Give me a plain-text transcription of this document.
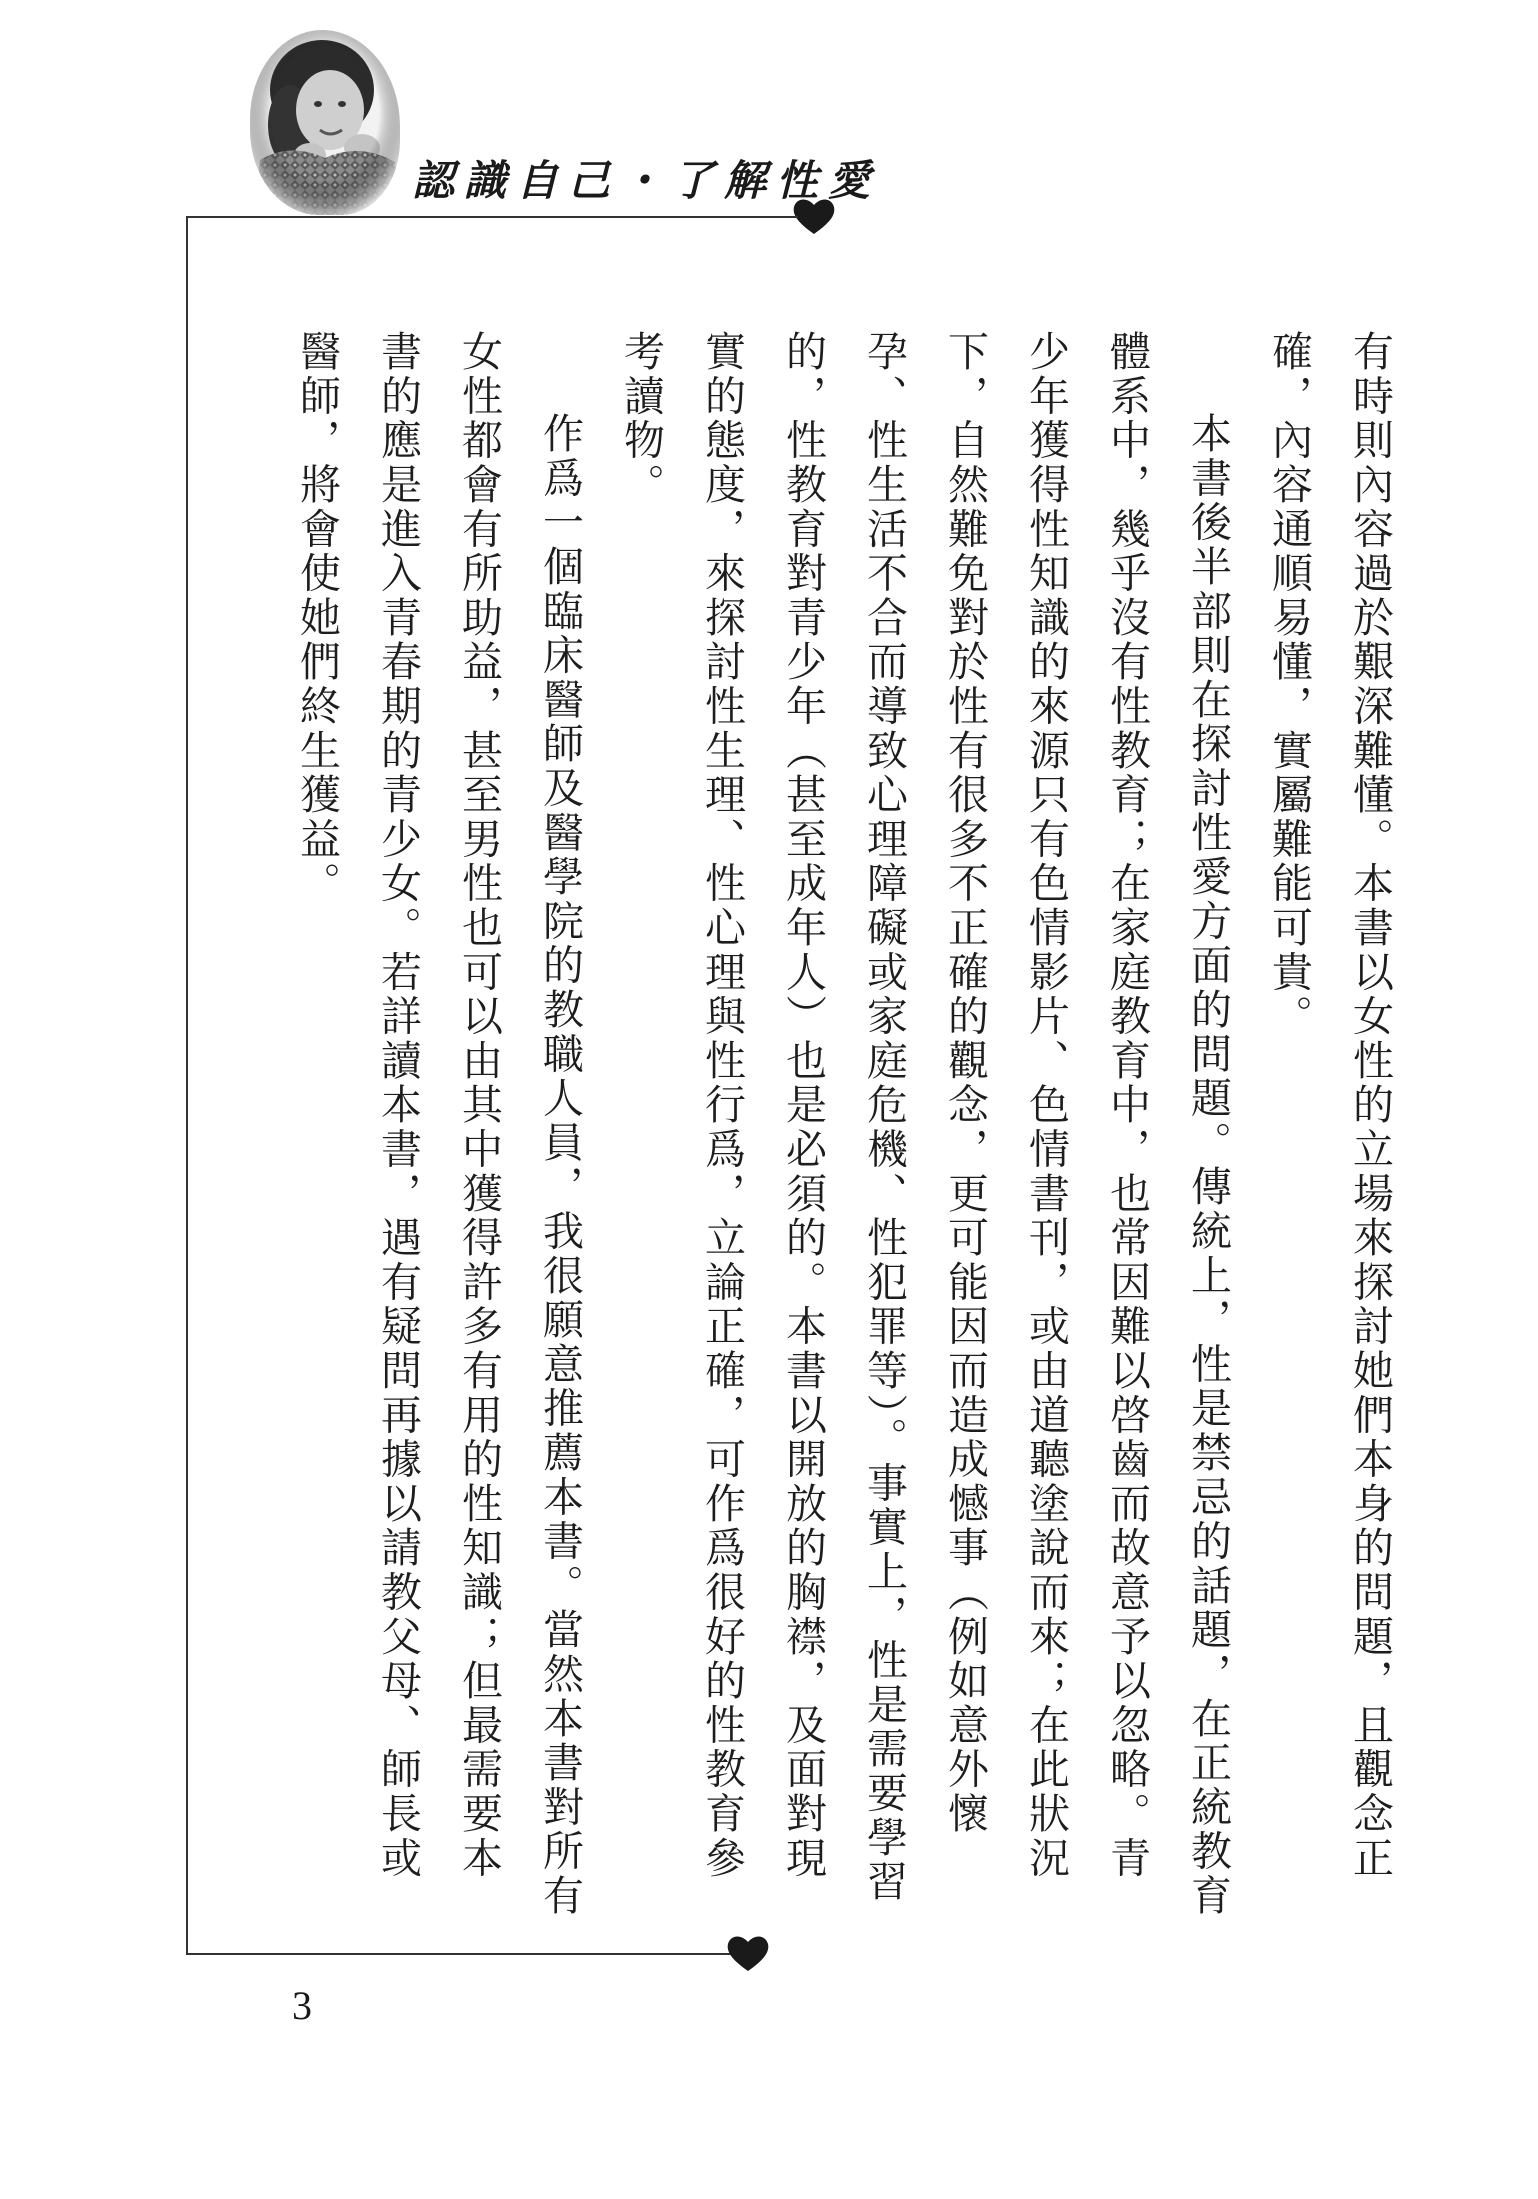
認識自己・了解性愛

有時則內容過於艱深難懂。本書以女性的立場來探討她們本身的問題，且觀念正確，內容通順易懂，實屬難能可貴。

本書後半部則在探討性愛方面的問題。傳統上，性是禁忌的話題，在正統教育體系中，幾乎沒有性教育；在家庭教育中，也常因難以啓齒而故意予以忽略。青少年獲得性知識的來源只有色情影片、色情書刊，或由道聽塗說而來；在此狀況下，自然難免對於性有很多不正確的觀念，更可能因而造成憾事（例如意外懷孕、性生活不合而導致心理障礙或家庭危機、性犯罪等）。事實上，性是需要學習的，性教育對青少年（甚至成年人）也是必須的。本書以開放的胸襟，及面對現實的態度，來探討性生理、性心理與性行爲，立論正確，可作爲很好的性教育參考讀物。

作爲一個臨床醫師及醫學院的教職人員，我很願意推薦本書。當然本書對所有女性都會有所助益，甚至男性也可以由其中獲得許多有用的性知識；但最需要本書的應是進入青春期的青少女。若詳讀本書，遇有疑問再據以請教父母、師長或醫師，將會使她們終生獲益。

3
